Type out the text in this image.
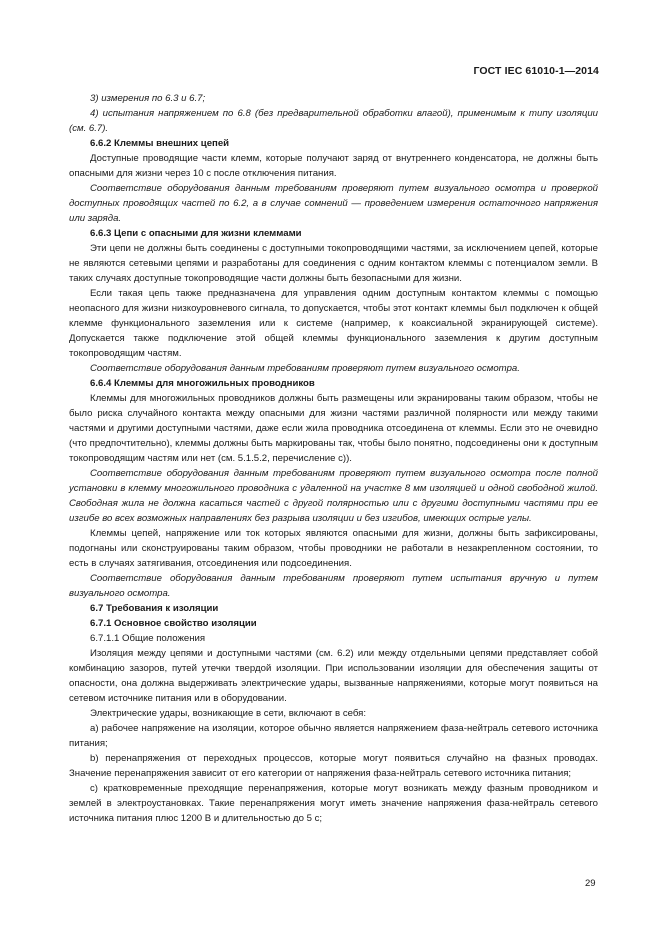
ГОСТ IEC 61010-1—2014

3) измерения по 6.3 и 6.7;

4) испытания напряжением по 6.8 (без предварительной обработки влагой), применимым к типу изоляции (см. 6.7).

6.6.2 Клеммы внешних цепей

Доступные проводящие части клемм, которые получают заряд от внутреннего конденсатора, не должны быть опасными для жизни через 10 с после отключения питания.

Соответствие оборудования данным требованиям проверяют путем визуального осмотра и проверкой доступных проводящих частей по 6.2, а в случае сомнений — проведением измерения остаточного напряжения или заряда.

6.6.3 Цепи с опасными для жизни клеммами

Эти цепи не должны быть соединены с доступными токопроводящими частями, за исключением цепей, которые не являются сетевыми цепями и разработаны для соединения с одним контактом клеммы с потенциалом земли. В таких случаях доступные токопроводящие части должны быть безопасными для жизни.

Если такая цепь также предназначена для управления одним доступным контактом клеммы с помощью неопасного для жизни низкоуровневого сигнала, то допускается, чтобы этот контакт клеммы был подключен к общей клемме функционального заземления или к системе (например, к коаксиальной экранирующей системе). Допускается также подключение этой общей клеммы функционального заземления к другим доступным токопроводящим частям.

Соответствие оборудования данным требованиям проверяют путем визуального осмотра.

6.6.4 Клеммы для многожильных проводников

Клеммы для многожильных проводников должны быть размещены или экранированы таким образом, чтобы не было риска случайного контакта между опасными для жизни частями различной полярности или между такими частями и другими доступными частями, даже если жила проводника отсоединена от клеммы. Если это не очевидно (что предпочтительно), клеммы должны быть маркированы так, чтобы было понятно, подсоединены они к доступным токопроводящим частям или нет (см. 5.1.5.2, перечисление с)).

Соответствие оборудования данным требованиям проверяют путем визуального осмотра после полной установки в клемму многожильного проводника с удаленной на участке 8 мм изоляцией и одной свободной жилой. Свободная жила не должна касаться частей с другой полярностью или с другими доступными частями при ее изгибе во всех возможных направлениях без разрыва изоляции и без изгибов, имеющих острые углы.

Клеммы цепей, напряжение или ток которых являются опасными для жизни, должны быть зафиксированы, подогнаны или сконструированы таким образом, чтобы проводники не работали в незакрепленном состоянии, то есть в случаях затягивания, отсоединения или подсоединения.

Соответствие оборудования данным требованиям проверяют путем испытания вручную и путем визуального осмотра.

6.7 Требования к изоляции

6.7.1 Основное свойство изоляции

6.7.1.1 Общие положения

Изоляция между цепями и доступными частями (см. 6.2) или между отдельными цепями представляет собой комбинацию зазоров, путей утечки твердой изоляции. При использовании изоляции для обеспечения защиты от опасности, она должна выдерживать электрические удары, вызванные напряжениями, которые могут появиться на сетевом источнике питания или в оборудовании.

Электрические удары, возникающие в сети, включают в себя:

a) рабочее напряжение на изоляции, которое обычно является напряжением фаза-нейтраль сетевого источника питания;

b) перенапряжения от переходных процессов, которые могут появиться случайно на фазных проводах. Значение перенапряжения зависит от его категории от напряжения фаза-нейтраль сетевого источника питания;

c) кратковременные преходящие перенапряжения, которые могут возникать между фазным проводником и землей в электроустановках. Такие перенапряжения могут иметь значение напряжения фаза-нейтраль сетевого источника питания плюс 1200 В и длительностью до 5 с;

29
